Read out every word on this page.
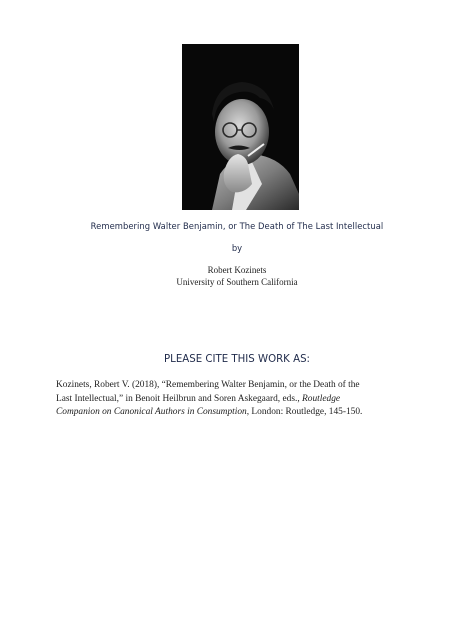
Remembering Walter Benjamin, or The Death of The Last Intellectual
by
Robert Kozinets
University of Southern California
PLEASE CITE THIS WORK AS:
Kozinets, Robert V. (2018), “Remembering Walter Benjamin, or the Death of the Last Intellectual,” in Benoit Heilbrun and Soren Askegaard, eds., Routledge Companion on Canonical Authors in Consumption, London: Routledge, 145-150.
